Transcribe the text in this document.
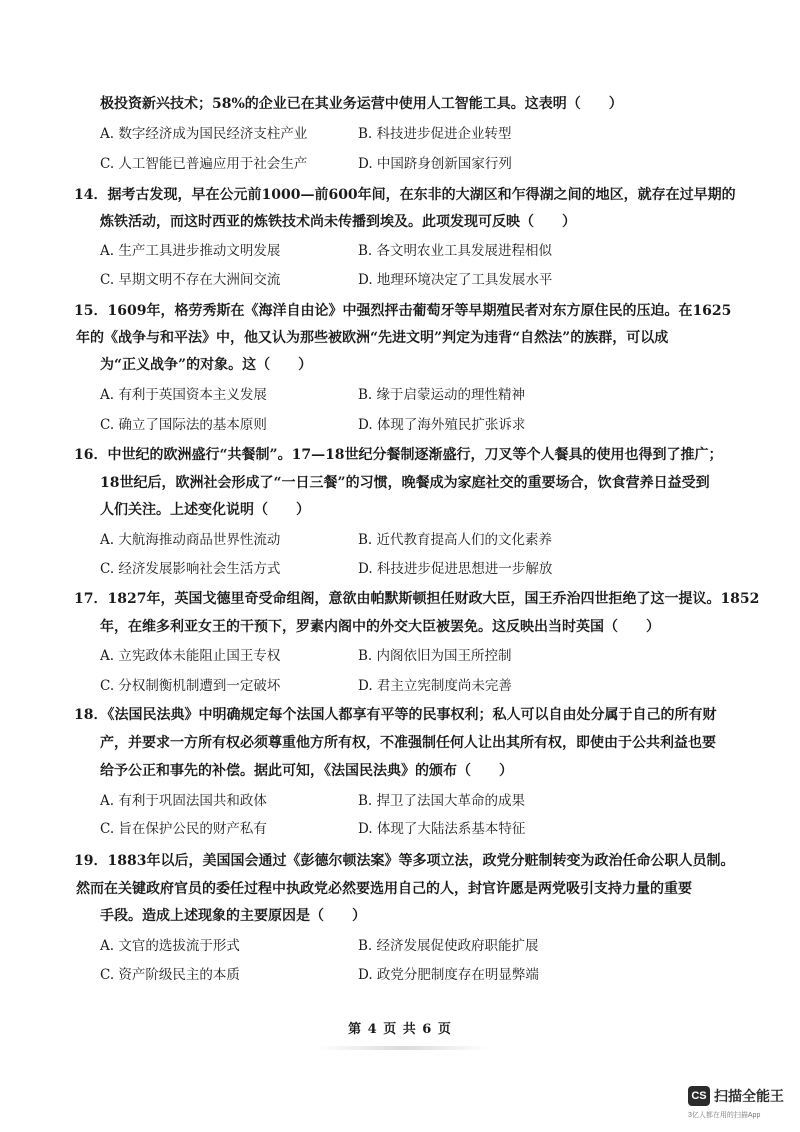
极投资新兴技术；58%的企业已在其业务运营中使用人工智能工具。这表明（　　）
A. 数字经济成为国民经济支柱产业	B. 科技进步促进企业转型
C. 人工智能已普遍应用于社会生产	D. 中国跻身创新国家行列
14．据考古发现，早在公元前1000—前600年间，在东非的大湖区和乍得湖之间的地区，就存在过早期的
炼铁活动，而这时西亚的炼铁技术尚未传播到埃及。此项发现可反映（　　）
A. 生产工具进步推动文明发展	B. 各文明农业工具发展进程相似
C. 早期文明不存在大洲间交流	D. 地理环境决定了工具发展水平
15．1609年，格劳秀斯在《海洋自由论》中强烈抨击葡萄牙等早期殖民者对东方原住民的压迫。在1625
年的《战争与和平法》中，他又认为那些被欧洲“先进文明”判定为违背“自然法”的族群，可以成
为“正义战争”的对象。这（　　）
A. 有利于英国资本主义发展	B. 缘于启蒙运动的理性精神
C. 确立了国际法的基本原则	D. 体现了海外殖民扩张诉求
16．中世纪的欧洲盛行“共餐制”。17—18世纪分餐制逐渐盛行，刀叉等个人餐具的使用也得到了推广；
18世纪后，欧洲社会形成了“一日三餐”的习惯，晚餐成为家庭社交的重要场合，饮食营养日益受到
人们关注。上述变化说明（　　）
A. 大航海推动商品世界性流动	B. 近代教育提高人们的文化素养
C. 经济发展影响社会生活方式	D. 科技进步促进思想进一步解放
17．1827年，英国戈德里奇受命组阁，意欲由帕默斯顿担任财政大臣，国王乔治四世拒绝了这一提议。1852
年，在维多利亚女王的干预下，罗素内阁中的外交大臣被罢免。这反映出当时英国（　　）
A. 立宪政体未能阻止国王专权	B. 内阁依旧为国王所控制
C. 分权制衡机制遭到一定破坏	D. 君主立宪制度尚未完善
18．《法国民法典》中明确规定每个法国人都享有平等的民事权利；私人可以自由处分属于自己的所有财
产，并要求一方所有权必须尊重他方所有权，不准强制任何人让出其所有权，即使由于公共利益也要
给予公正和事先的补偿。据此可知，《法国民法典》的颁布（　　）
A. 有利于巩固法国共和政体	B. 捍卫了法国大革命的成果
C. 旨在保护公民的财产私有	D. 体现了大陆法系基本特征
19．1883年以后，美国国会通过《彭德尔顿法案》等多项立法，政党分赃制转变为政治任命公职人员制。
然而在关键政府官员的委任过程中执政党必然要选用自己的人，封官许愿是两党吸引支持力量的重要
手段。造成上述现象的主要原因是（　　）
A. 文官的选拔流于形式	B. 经济发展促使政府职能扩展
C. 资产阶级民主的本质	D. 政党分肥制度存在明显弊端
第 4 页 共 6 页
CS 扫描全能王
3亿人都在用的扫描App
